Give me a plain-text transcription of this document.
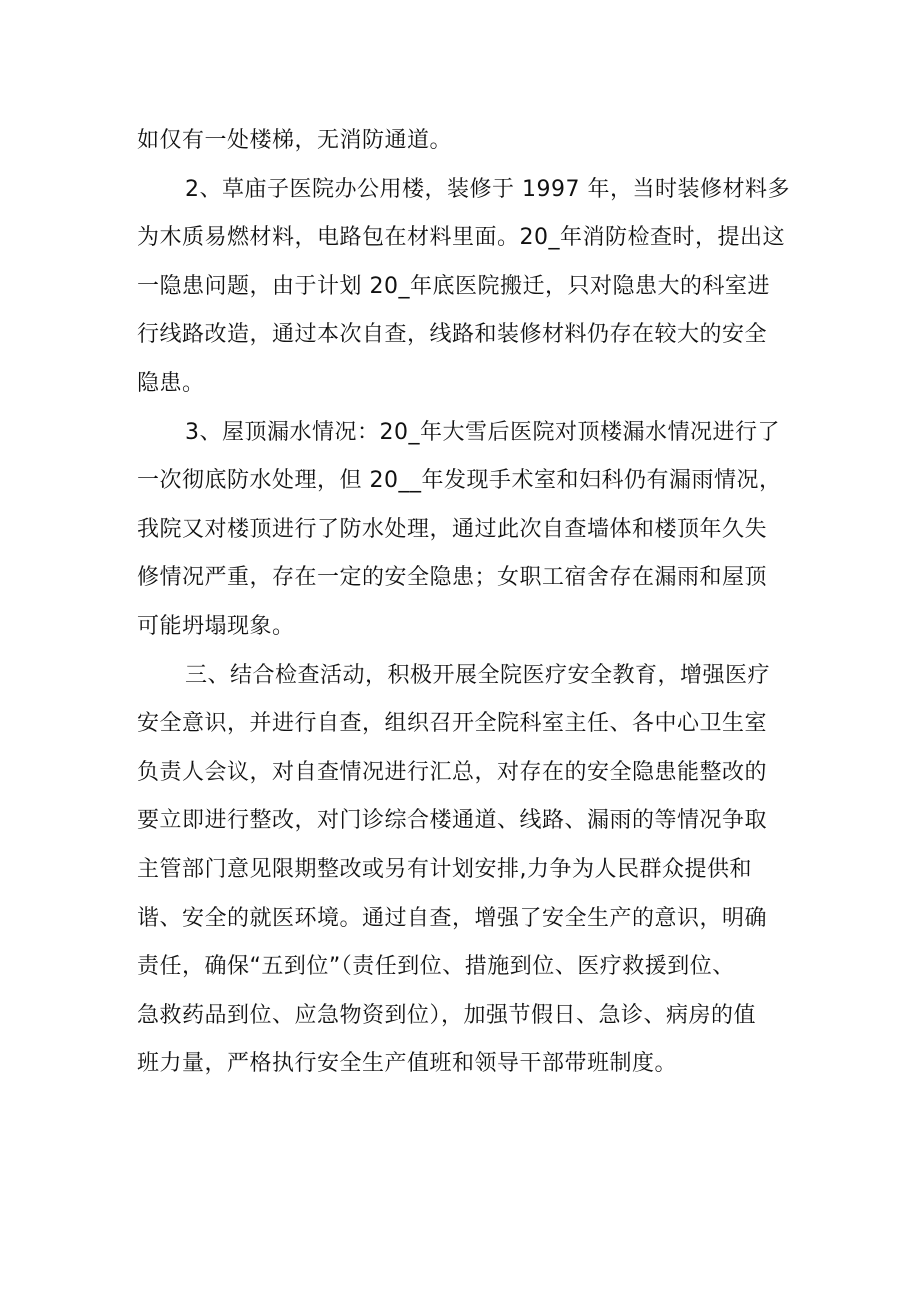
如仅有一处楼梯，无消防通道。
2、草庙子医院办公用楼，装修于 1997 年，当时装修材料多
为木质易燃材料，电路包在材料里面。20_年消防检查时，提出这
一隐患问题，由于计划 20_年底医院搬迁，只对隐患大的科室进
行线路改造，通过本次自查，线路和装修材料仍存在较大的安全
隐患。
3、屋顶漏水情况：20_年大雪后医院对顶楼漏水情况进行了
一次彻底防水处理，但 20__年发现手术室和妇科仍有漏雨情况，
我院又对楼顶进行了防水处理，通过此次自查墙体和楼顶年久失
修情况严重，存在一定的安全隐患；女职工宿舍存在漏雨和屋顶
可能坍塌现象。
三、结合检查活动，积极开展全院医疗安全教育，增强医疗
安全意识，并进行自查，组织召开全院科室主任、各中心卫生室
负责人会议，对自查情况进行汇总，对存在的安全隐患能整改的
要立即进行整改，对门诊综合楼通道、线路、漏雨的等情况争取
主管部门意见限期整改或另有计划安排,力争为人民群众提供和
谐、安全的就医环境。通过自查，增强了安全生产的意识，明确
责任，确保“五到位”（责任到位、措施到位、医疗救援到位、
急救药品到位、应急物资到位），加强节假日、急诊、病房的值
班力量，严格执行安全生产值班和领导干部带班制度。
